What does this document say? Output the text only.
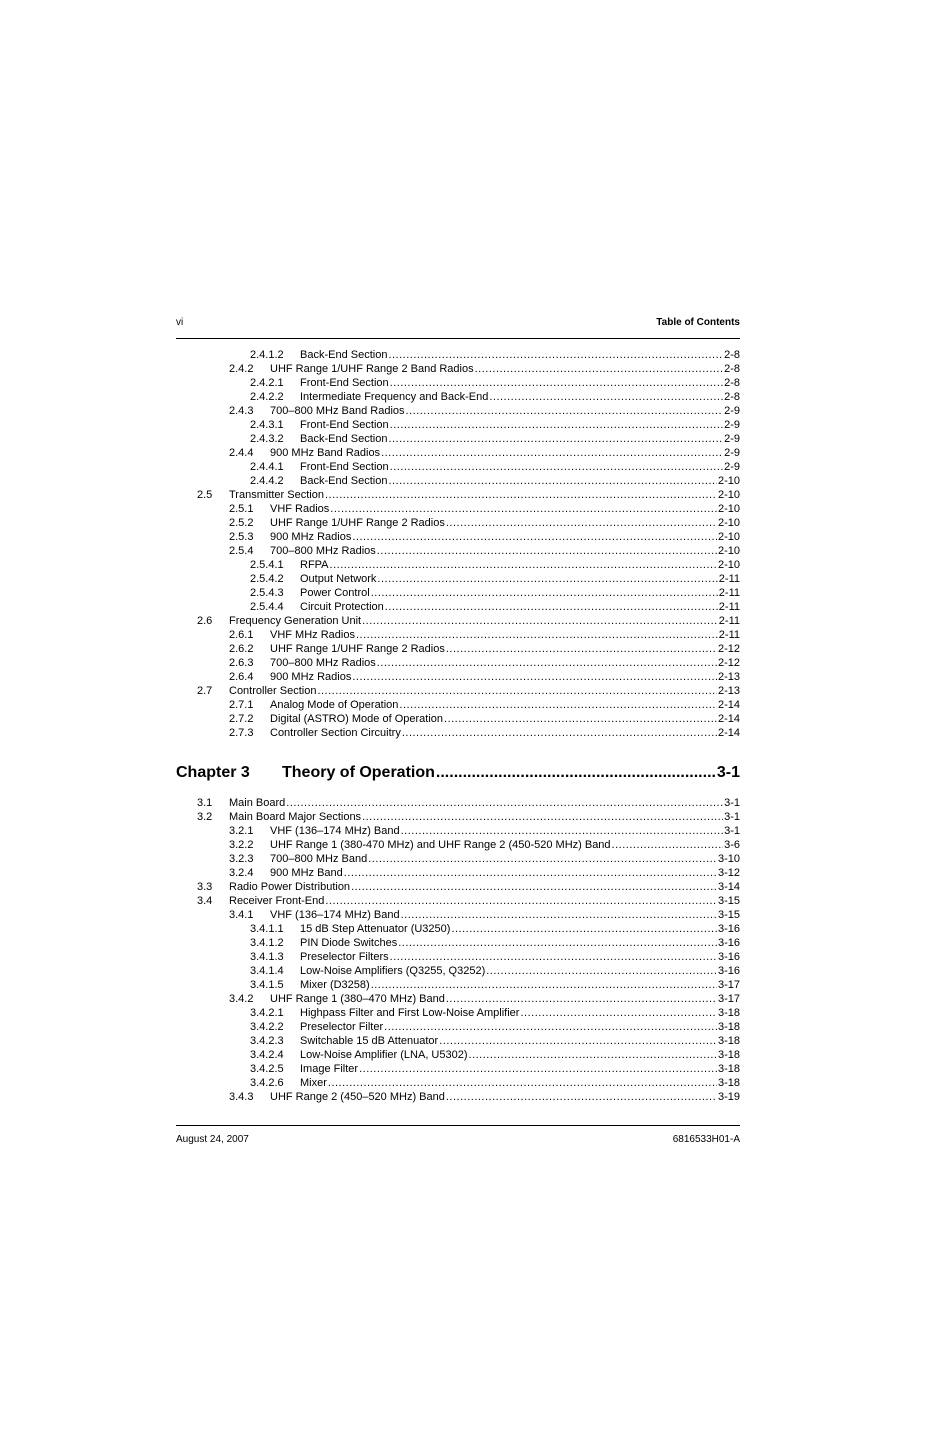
vi	Table of Contents
2.4.1.2 Back-End Section .....	2-8
2.4.2 UHF Range 1/UHF Range 2 Band Radios .....	2-8
2.4.2.1 Front-End Section .....	2-8
2.4.2.2 Intermediate Frequency and Back-End .....	2-8
2.4.3 700–800 MHz Band Radios .....	2-9
2.4.3.1 Front-End Section .....	2-9
2.4.3.2 Back-End Section .....	2-9
2.4.4 900 MHz Band Radios .....	2-9
2.4.4.1 Front-End Section .....	2-9
2.4.4.2 Back-End Section .....	2-10
2.5 Transmitter Section .....	2-10
2.5.1 VHF Radios .....	2-10
2.5.2 UHF Range 1/UHF Range 2 Radios .....	2-10
2.5.3 900 MHz Radios .....	2-10
2.5.4 700–800 MHz Radios .....	2-10
2.5.4.1 RFPA .....	2-10
2.5.4.2 Output Network .....	2-11
2.5.4.3 Power Control .....	2-11
2.5.4.4 Circuit Protection .....	2-11
2.6 Frequency Generation Unit .....	2-11
2.6.1 VHF MHz Radios .....	2-11
2.6.2 UHF Range 1/UHF Range 2 Radios .....	2-12
2.6.3 700–800 MHz Radios .....	2-12
2.6.4 900 MHz Radios .....	2-13
2.7 Controller Section .....	2-13
2.7.1 Analog Mode of Operation .....	2-14
2.7.2 Digital (ASTRO) Mode of Operation .....	2-14
2.7.3 Controller Section Circuitry .....	2-14
Chapter 3 Theory of Operation .....	3-1
3.1 Main Board .....	3-1
3.2 Main Board Major Sections .....	3-1
3.2.1 VHF (136–174 MHz) Band .....	3-1
3.2.2 UHF Range 1 (380-470 MHz) and UHF Range 2 (450-520 MHz) Band .....	3-6
3.2.3 700–800 MHz Band .....	3-10
3.2.4 900 MHz Band .....	3-12
3.3 Radio Power Distribution .....	3-14
3.4 Receiver Front-End .....	3-15
3.4.1 VHF (136–174 MHz) Band .....	3-15
3.4.1.1 15 dB Step Attenuator (U3250) .....	3-16
3.4.1.2 PIN Diode Switches .....	3-16
3.4.1.3 Preselector Filters .....	3-16
3.4.1.4 Low-Noise Amplifiers (Q3255, Q3252) .....	3-16
3.4.1.5 Mixer (D3258) .....	3-17
3.4.2 UHF Range 1 (380–470 MHz) Band .....	3-17
3.4.2.1 Highpass Filter and First Low-Noise Amplifier .....	3-18
3.4.2.2 Preselector Filter .....	3-18
3.4.2.3 Switchable 15 dB Attenuator .....	3-18
3.4.2.4 Low-Noise Amplifier (LNA, U5302) .....	3-18
3.4.2.5 Image Filter .....	3-18
3.4.2.6 Mixer .....	3-18
3.4.3 UHF Range 2 (450–520 MHz) Band .....	3-19
August 24, 2007	6816533H01-A
